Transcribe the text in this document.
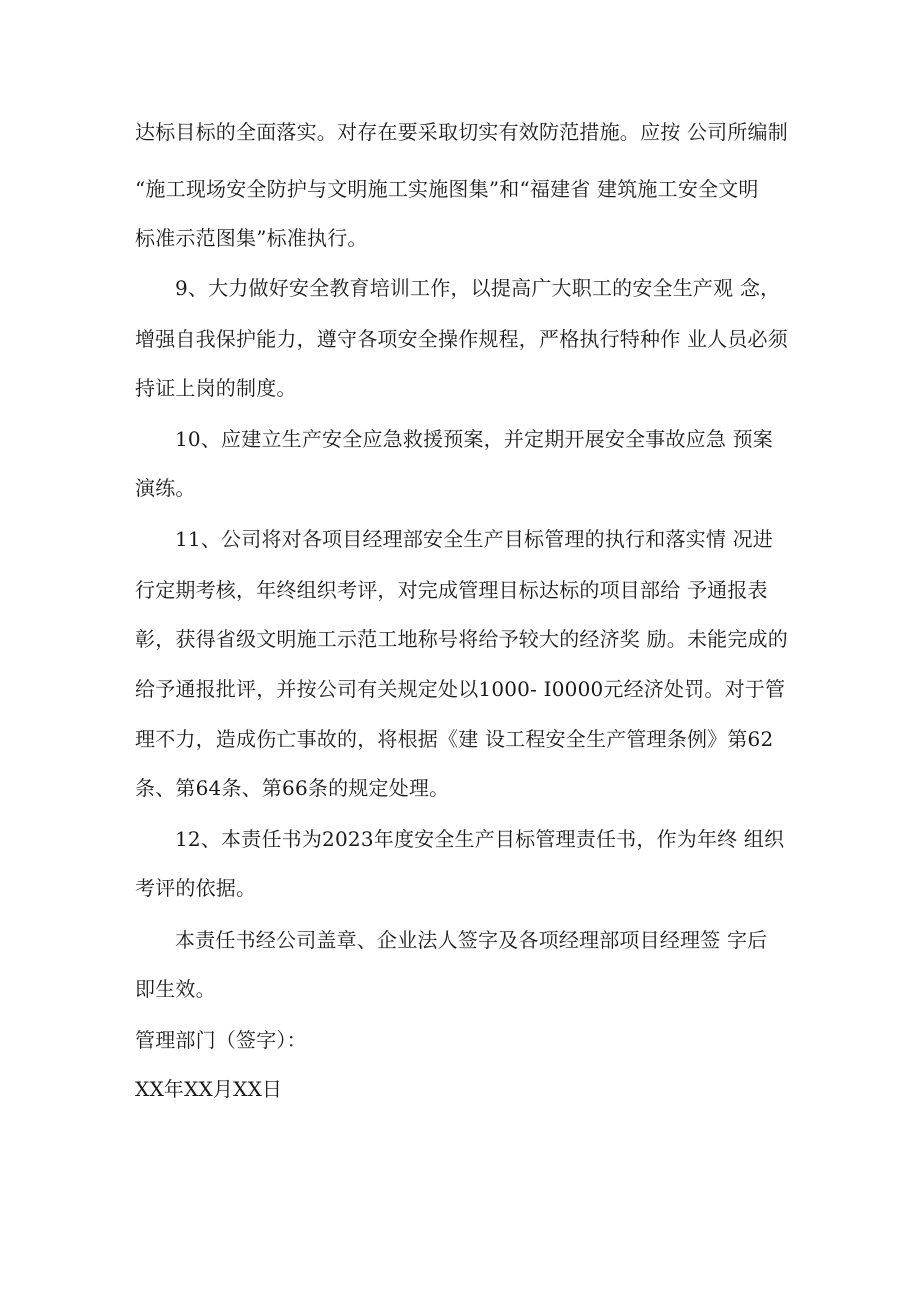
达标目标的全面落实。对存在要采取切实有效防范措施。应按 公司所编制
“施工现场安全防护与文明施工实施图集”和“福建省 建筑施工安全文明
标准示范图集”标准执行。
9、大力做好安全教育培训工作，以提高广大职工的安全生产观 念，
增强自我保护能力，遵守各项安全操作规程，严格执行特种作 业人员必须
持证上岗的制度。
10、应建立生产安全应急救援预案，并定期开展安全事故应急 预案
演练。
11、公司将对各项目经理部安全生产目标管理的执行和落实情 况进
行定期考核，年终组织考评，对完成管理目标达标的项目部给 予通报表
彰，获得省级文明施工示范工地称号将给予较大的经济奖 励。未能完成的
给予通报批评，并按公司有关规定处以1000- I0000元经济处罚。对于管
理不力，造成伤亡事故的，将根据《建 设工程安全生产管理条例》第62
条、第64条、第66条的规定处理。
12、本责任书为2023年度安全生产目标管理责任书，作为年终 组织
考评的依据。
本责任书经公司盖章、企业法人签字及各项经理部项目经理签 字后
即生效。
管理部门（签字）：
XX年XX月XX日
